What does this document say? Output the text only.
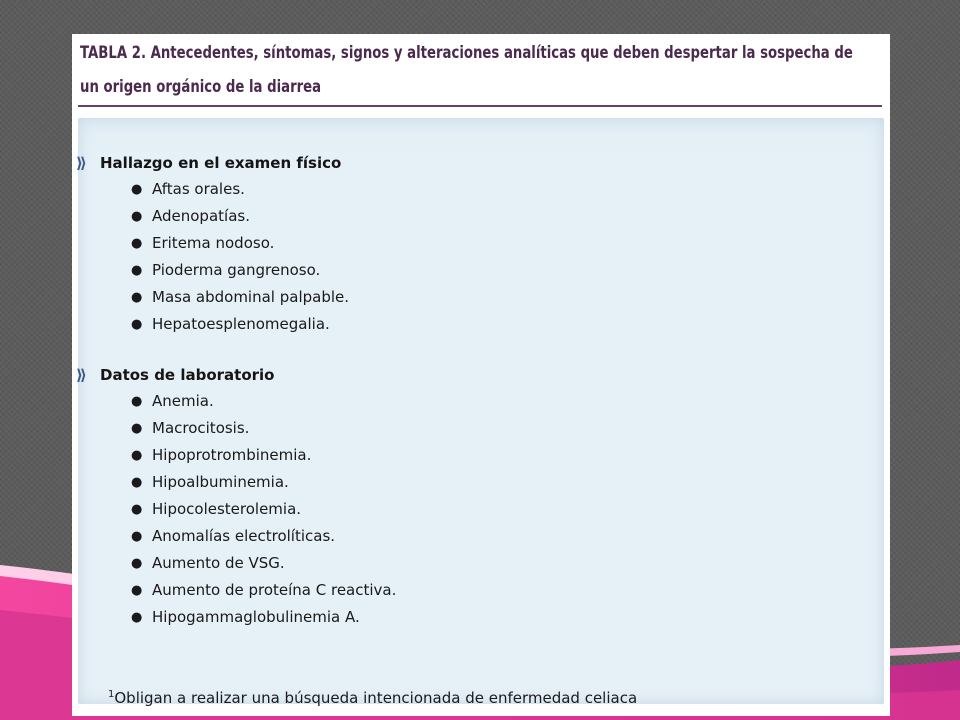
TABLA 2. Antecedentes, síntomas, signos y alteraciones analíticas que deben despertar la sospecha de un origen orgánico de la diarrea
⟫ Hallazgo en el examen físico
● Aftas orales.
● Adenopatías.
● Eritema nodoso.
● Pioderma gangrenoso.
● Masa abdominal palpable.
● Hepatoesplenomegalia.
⟫ Datos de laboratorio
● Anemia.
● Macrocitosis.
● Hipoprotrombinemia.
● Hipoalbuminemia.
● Hipocolesterolemia.
● Anomalías electrolíticas.
● Aumento de VSG.
● Aumento de proteína C reactiva.
● Hipogammaglobulinemia A.

$^1$Obligan a realizar una búsqueda intencionada de enfermedad celiaca
